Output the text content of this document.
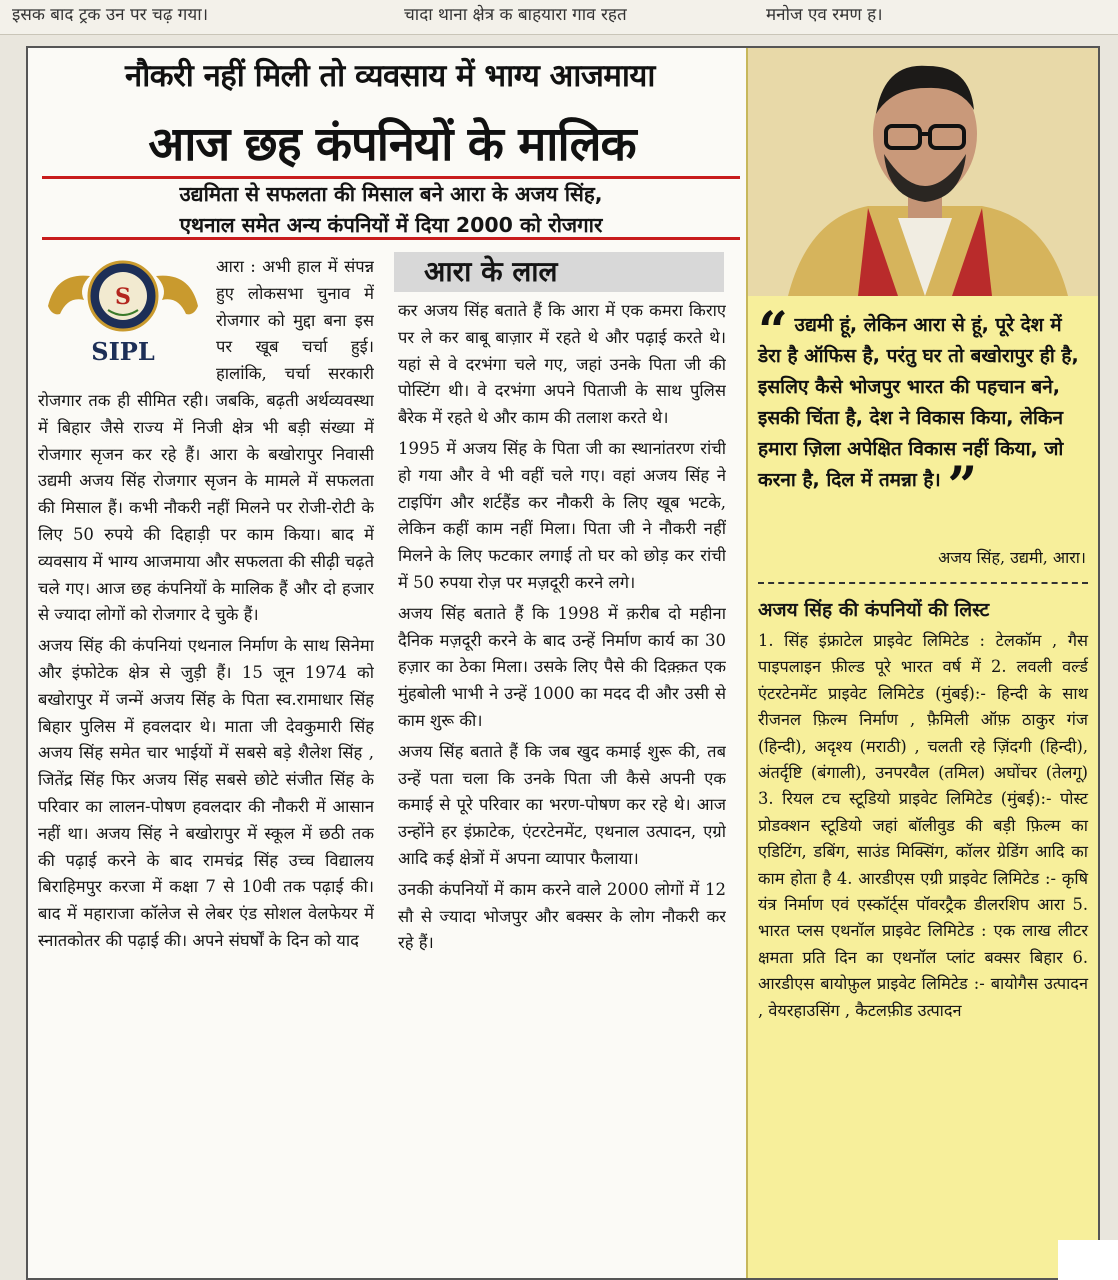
इसक बाद ट्रक उन पर चढ़ गया।	चादा थाना क्षेत्र क बाहयारा गाव रहत	मनोज एव रमण ह।
नौकरी नहीं मिली तो व्यवसाय में भाग्य आजमाया
आज छह कंपनियों के मालिक
उद्यमिता से सफलता की मिसाल बने आरा के अजय सिंह,
एथनाल समेत अन्य कंपनियों में दिया 2000 को रोजगार
S
SIPL

आरा : अभी हाल में संपन्न हुए लोकसभा चुनाव में रोजगार को मुद्दा बना इस पर खूब चर्चा हुई। हालांकि, चर्चा सरकारी रोजगार तक ही सीमित रही। जबकि, बढ़ती अर्थव्यवस्था में बिहार जैसे राज्य में निजी क्षेत्र भी बड़ी संख्या में रोजगार सृजन कर रहे हैं। आरा के बखोरापुर निवासी उद्यमी अजय सिंह रोजगार सृजन के मामले में सफलता की मिसाल हैं। कभी नौकरी नहीं मिलने पर रोजी-रोटी के लिए 50 रुपये की दिहाड़ी पर काम किया। बाद में व्यवसाय में भाग्य आजमाया और सफलता की सीढ़ी चढ़ते चले गए। आज छह कंपनियों के मालिक हैं और दो हजार से ज्यादा लोगों को रोजगार दे चुके हैं।

अजय सिंह की कंपनियां एथनाल निर्माण के साथ सिनेमा और इंफोटेक क्षेत्र से जुड़ी हैं। 15 जून 1974 को बखोरापुर में जन्में अजय सिंह के पिता स्व.रामाधार सिंह बिहार पुलिस में हवलदार थे। माता जी देवकुमारी सिंह अजय सिंह समेत चार भाईयों में सबसे बड़े शैलेश सिंह , जितेंद्र सिंह फिर अजय सिंह सबसे छोटे संजीत सिंह के परिवार का लालन-पोषण हवलदार की नौकरी में आसान नहीं था। अजय सिंह ने बखोरापुर में स्कूल में छठी तक की पढ़ाई करने के बाद रामचंद्र सिंह उच्च विद्यालय बिराहिमपुर करजा में कक्षा 7 से 10वी तक पढ़ाई की। बाद में महाराजा कॉलेज से लेबर एंड सोशल वेलफेयर में स्नातकोतर की पढ़ाई की। अपने संघर्षों के दिन को याद

आरा के लाल

कर अजय सिंह बताते हैं कि आरा में एक कमरा किराए पर ले कर बाबू बाज़ार में रहते थे और पढ़ाई करते थे। यहां से वे दरभंगा चले गए, जहां उनके पिता जी की पोस्टिंग थी। वे दरभंगा अपने पिताजी के साथ पुलिस बैरेक में रहते थे और काम की तलाश करते थे।

1995 में अजय सिंह के पिता जी का स्थानांतरण रांची हो गया और वे भी वहीं चले गए। वहां अजय सिंह ने टाइपिंग और शर्टहैंड कर नौकरी के लिए खूब भटके, लेकिन कहीं काम नहीं मिला। पिता जी ने नौकरी नहीं मिलने के लिए फटकार लगाई तो घर को छोड़ कर रांची में 50 रुपया रोज़ पर मज़दूरी करने लगे।

अजय सिंह बताते हैं कि 1998 में क़रीब दो महीना दैनिक मज़दूरी करने के बाद उन्हें निर्माण कार्य का 30 हज़ार का ठेका मिला। उसके लिए पैसे की दिक़्क़त एक मुंहबोली भाभी ने उन्हें 1000 का मदद दी और उसी से काम शुरू की।

अजय सिंह बताते हैं कि जब खुद कमाई शुरू की, तब उन्हें पता चला कि उनके पिता जी कैसे अपनी एक कमाई से पूरे परिवार का भरण-पोषण कर रहे थे। आज उन्होंने हर इंफ्राटेक, एंटरटेनमेंट, एथनाल उत्पादन, एग्रो आदि कई क्षेत्रों में अपना व्यापार फैलाया।

उनकी कंपनियों में काम करने वाले 2000 लोगों में 12 सौ से ज्यादा भोजपुर और बक्सर के लोग नौकरी कर रहे हैं।

“ उद्यमी हूं, लेकिन आरा से हूं, पूरे देश में डेरा है ऑफिस है, परंतु घर तो बखोरापुर ही है, इसलिए कैसे भोजपुर भारत की पहचान बने, इसकी चिंता है, देश ने विकास किया, लेकिन हमारा ज़िला अपेक्षित विकास नहीं किया, जो करना है, दिल में तमन्ना है। ”
अजय सिंह, उद्यमी, आरा।
अजय सिंह की कंपनियों की लिस्ट
1. सिंह इंफ्राटेल प्राइवेट लिमिटेड : टेलकॉम , गैस पाइपलाइन फ़ील्ड पूरे भारत वर्ष में 2. लवली वर्ल्ड एंटरटेनमेंट प्राइवेट लिमिटेड (मुंबई):- हिन्दी के साथ रीजनल फ़िल्म निर्माण , फ़ैमिली ऑफ़ ठाकुर गंज (हिन्दी), अदृश्य (मराठी) , चलती रहे ज़िंदगी (हिन्दी), अंतर्दृष्टि (बंगाली), उनपरवैल (तमिल) अघोंचर (तेलगू) 3. रियल टच स्टूडियो प्राइवेट लिमिटेड (मुंबई):- पोस्ट प्रोडक्शन स्टूडियो जहां बॉलीवुड की बड़ी फ़िल्म का एडिटिंग, डबिंग, साउंड मिक्सिंग, कॉलर ग्रेडिंग आदि का काम होता है 4. आरडीएस एग्री प्राइवेट लिमिटेड :- कृषि यंत्र निर्माण एवं एस्कॉर्ट्स पॉवरट्रैक डीलरशिप आरा 5. भारत प्लस एथनॉल प्राइवेट लिमिटेड : एक लाख लीटर क्षमता प्रति दिन का एथनॉल प्लांट बक्सर बिहार 6. आरडीएस बायोफ़ुल प्राइवेट लिमिटेड :- बायोगैस उत्पादन , वेयरहाउसिंग , कैटलफ़ीड उत्पादन
